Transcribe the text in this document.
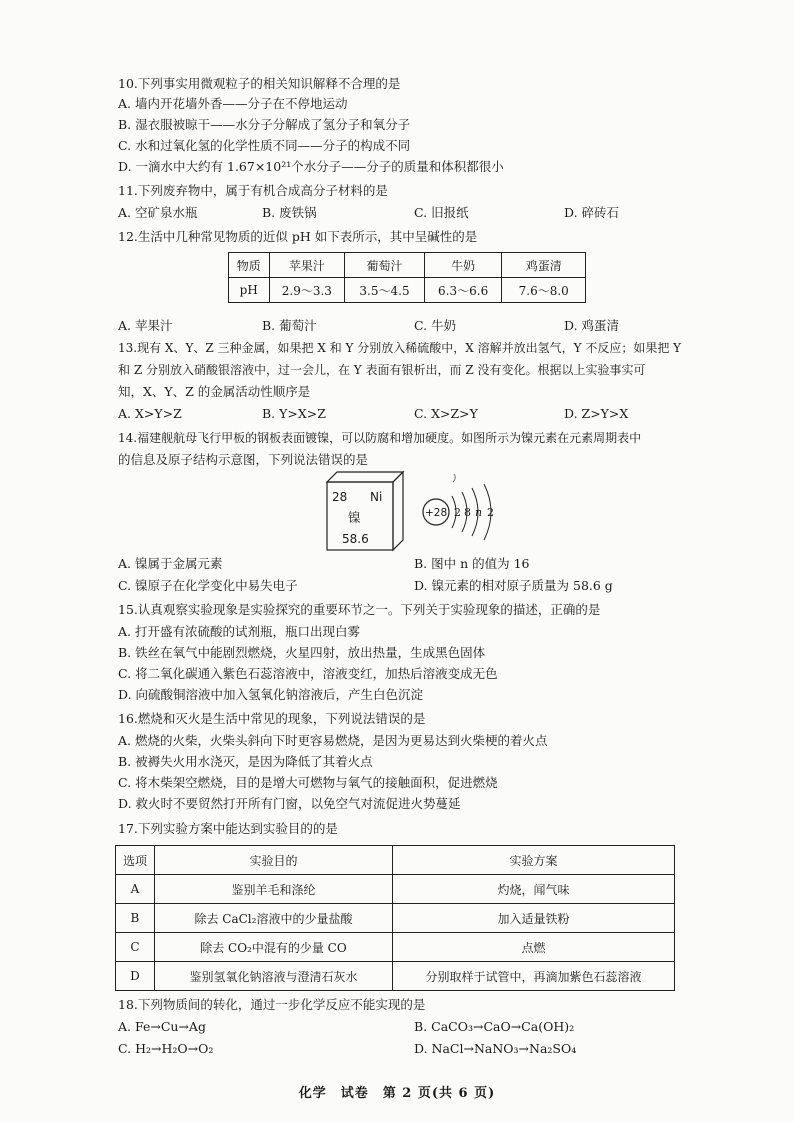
10.下列事实用微观粒子的相关知识解释不合理的是
A. 墙内开花墙外香——分子在不停地运动
B. 湿衣服被晾干——水分子分解成了氢分子和氧分子
C. 水和过氧化氢的化学性质不同——分子的构成不同
D. 一滴水中大约有 1.67×10²¹个水分子——分子的质量和体积都很小
11.下列废弃物中，属于有机合成高分子材料的是
A. 空矿泉水瓶	B. 废铁锅	C. 旧报纸	D. 碎砖石
12.生活中几种常见物质的近似 pH 如下表所示，其中呈碱性的是
物质	苹果汁	葡萄汁	牛奶	鸡蛋清
pH	2.9～3.3	3.5～4.5	6.3～6.6	7.6～8.0
A. 苹果汁	B. 葡萄汁	C. 牛奶	D. 鸡蛋清
13.现有 X、Y、Z 三种金属，如果把 X 和 Y 分别放入稀硫酸中，X 溶解并放出氢气，Y 不反应；如果把 Y
和 Z 分别放入硝酸银溶液中，过一会儿，在 Y 表面有银析出，而 Z 没有变化。根据以上实验事实可
知，X、Y、Z 的金属活动性顺序是
A. X>Y>Z	B. Y>X>Z	C. X>Z>Y	D. Z>Y>X
14.福建舰航母飞行甲板的钢板表面镀镍，可以防腐和增加硬度。如图所示为镍元素在元素周期表中
的信息及原子结构示意图，下列说法错误的是
28 Ni
镍
58.6
+28 2 8 n 2
A. 镍属于金属元素	B. 图中 n 的值为 16
C. 镍原子在化学变化中易失电子	D. 镍元素的相对原子质量为 58.6 g
15.认真观察实验现象是实验探究的重要环节之一。下列关于实验现象的描述，正确的是
A. 打开盛有浓硫酸的试剂瓶，瓶口出现白雾
B. 铁丝在氧气中能剧烈燃烧，火星四射，放出热量，生成黑色固体
C. 将二氧化碳通入紫色石蕊溶液中，溶液变红，加热后溶液变成无色
D. 向硫酸铜溶液中加入氢氧化钠溶液后，产生白色沉淀
16.燃烧和灭火是生活中常见的现象，下列说法错误的是
A. 燃烧的火柴，火柴头斜向下时更容易燃烧，是因为更易达到火柴梗的着火点
B. 被褥失火用水浇灭，是因为降低了其着火点
C. 将木柴架空燃烧，目的是增大可燃物与氧气的接触面积，促进燃烧
D. 救火时不要贸然打开所有门窗，以免空气对流促进火势蔓延
17.下列实验方案中能达到实验目的的是
选项	实验目的	实验方案
A	鉴别羊毛和涤纶	灼烧，闻气味
B	除去 CaCl₂溶液中的少量盐酸	加入适量铁粉
C	除去 CO₂中混有的少量 CO	点燃
D	鉴别氢氧化钠溶液与澄清石灰水	分别取样于试管中，再滴加紫色石蕊溶液
18.下列物质间的转化，通过一步化学反应不能实现的是
A. Fe→Cu→Ag	B. CaCO₃→CaO→Ca(OH)₂
C. H₂→H₂O→O₂	D. NaCl→NaNO₃→Na₂SO₄
化学　试卷　第 2 页(共 6 页)
